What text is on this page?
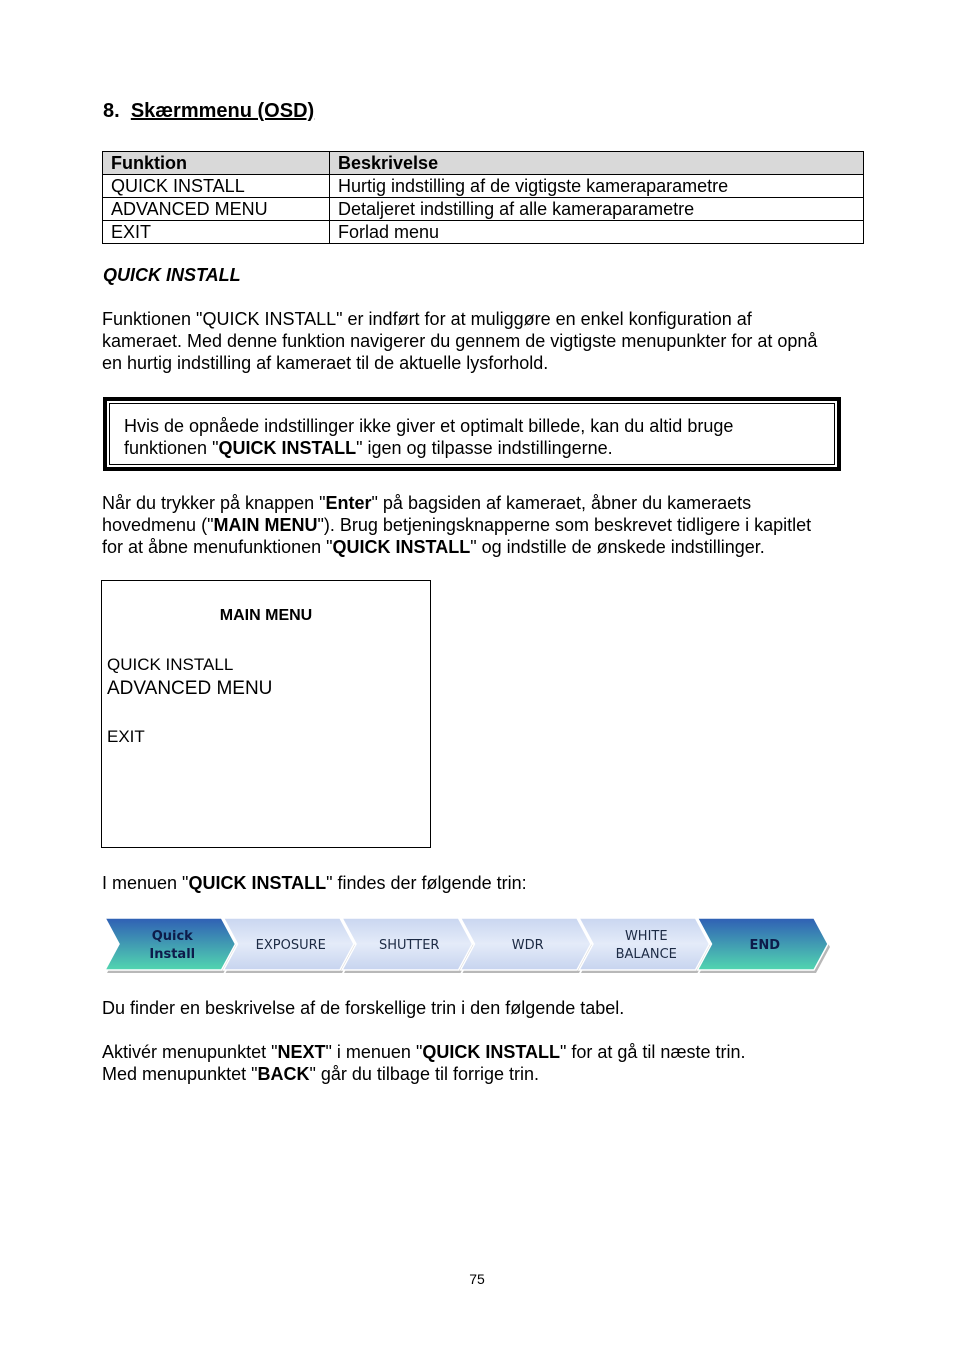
8. Skærmmenu (OSD)
Funktion	Beskrivelse
QUICK INSTALL	Hurtig indstilling af de vigtigste kameraparametre
ADVANCED MENU	Detaljeret indstilling af alle kameraparametre
EXIT	Forlad menu
QUICK INSTALL
Funktionen "QUICK INSTALL" er indført for at muliggøre en enkel konfiguration af
kameraet. Med denne funktion navigerer du gennem de vigtigste menupunkter for at opnå
en hurtig indstilling af kameraet til de aktuelle lysforhold.
Hvis de opnåede indstillinger ikke giver et optimalt billede, kan du altid bruge
funktionen "QUICK INSTALL" igen og tilpasse indstillingerne.
Når du trykker på knappen "Enter" på bagsiden af kameraet, åbner du kameraets
hovedmenu ("MAIN MENU"). Brug betjeningsknapperne som beskrevet tidligere i kapitlet
for at åbne menufunktionen "QUICK INSTALL" og indstille de ønskede indstillinger.
MAIN MENU
QUICK INSTALL
ADVANCED MENU
EXIT
I menuen "QUICK INSTALL" findes der følgende trin:
Quick
Install
EXPOSURE	SHUTTER	WDR
WHITE
BALANCE
END
Du finder en beskrivelse af de forskellige trin i den følgende tabel.
Aktivér menupunktet "NEXT" i menuen "QUICK INSTALL" for at gå til næste trin.
Med menupunktet "BACK" går du tilbage til forrige trin.
75
